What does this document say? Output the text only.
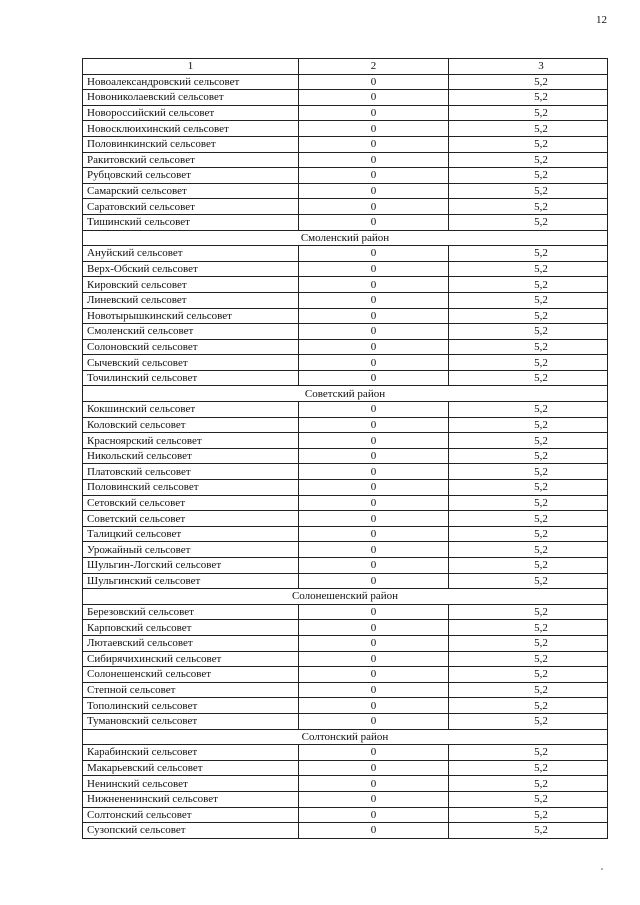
12
1	2	3
Новоалександровский сельсовет	0	5,2
Новониколаевский сельсовет	0	5,2
Новороссийский сельсовет	0	5,2
Новосклюихинский сельсовет	0	5,2
Половинкинский сельсовет	0	5,2
Ракитовский сельсовет	0	5,2
Рубцовский сельсовет	0	5,2
Самарский сельсовет	0	5,2
Саратовский сельсовет	0	5,2
Тишинский сельсовет	0	5,2
Смоленский район		
Ануйский сельсовет	0	5,2
Верх-Обский сельсовет	0	5,2
Кировский сельсовет	0	5,2
Линевский сельсовет	0	5,2
Новотырышкинский сельсовет	0	5,2
Смоленский сельсовет	0	5,2
Солоновский сельсовет	0	5,2
Сычевский сельсовет	0	5,2
Точилинский сельсовет	0	5,2
Советский район		
Кокшинский сельсовет	0	5,2
Коловский сельсовет	0	5,2
Красноярский сельсовет	0	5,2
Никольский сельсовет	0	5,2
Платовский сельсовет	0	5,2
Половинский сельсовет	0	5,2
Сетовский сельсовет	0	5,2
Советский сельсовет	0	5,2
Талицкий сельсовет	0	5,2
Урожайный сельсовет	0	5,2
Шульгин-Логский сельсовет	0	5,2
Шульгинский сельсовет	0	5,2
Солонешенский район		
Березовский сельсовет	0	5,2
Карповский сельсовет	0	5,2
Лютаевский сельсовет	0	5,2
Сибирячихинский сельсовет	0	5,2
Солонешенский сельсовет	0	5,2
Степной сельсовет	0	5,2
Тополинский сельсовет	0	5,2
Тумановский сельсовет	0	5,2
Солтонский район		
Карабинский сельсовет	0	5,2
Макарьевский сельсовет	0	5,2
Ненинский сельсовет	0	5,2
Нижнененинский сельсовет	0	5,2
Солтонский сельсовет	0	5,2
Сузопский сельсовет	0	5,2
